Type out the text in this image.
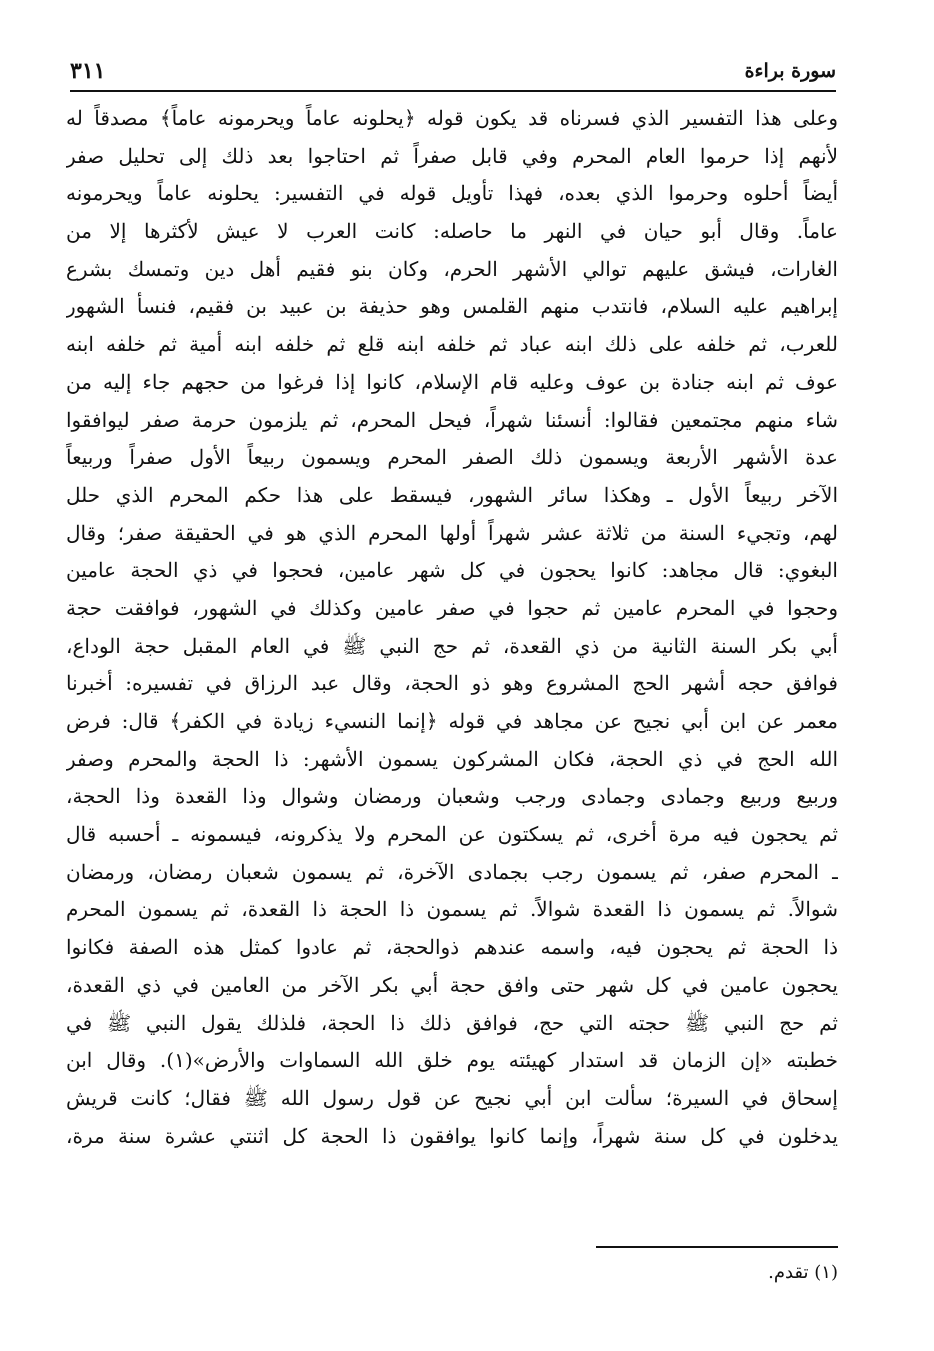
سورة براءة
٣١١
وعلى هذا التفسير الذي فسرناه قد يكون قوله ﴿يحلونه عاماً ويحرمونه عاماً﴾ مصدقاً له
لأنهم إذا حرموا العام المحرم وفي قابل صفراً ثم احتاجوا بعد ذلك إلى تحليل صفر
أيضاً أحلوه وحرموا الذي بعده، فهذا تأويل قوله في التفسير: يحلونه عاماً ويحرمونه
عاماً. وقال أبو حيان في النهر ما حاصله: كانت العرب لا عيش لأكثرها إلا من
الغارات، فيشق عليهم توالي الأشهر الحرم، وكان بنو فقيم أهل دين وتمسك بشرع
إبراهيم عليه السلام، فانتدب منهم القلمس وهو حذيفة بن عبيد بن فقيم، فنسأ الشهور
للعرب، ثم خلفه على ذلك ابنه عباد ثم خلفه ابنه قلع ثم خلفه ابنه أمية ثم خلفه ابنه
عوف ثم ابنه جنادة بن عوف وعليه قام الإسلام، كانوا إذا فرغوا من حجهم جاء إليه من
شاء منهم مجتمعين فقالوا: أنسئنا شهراً، فيحل المحرم، ثم يلزمون حرمة صفر ليوافقوا
عدة الأشهر الأربعة ويسمون ذلك الصفر المحرم ويسمون ربيعاً الأول صفراً وربيعاً
الآخر ربيعاً الأول ـ وهكذا سائر الشهور، فيسقط على هذا حكم المحرم الذي حلل
لهم، وتجيء السنة من ثلاثة عشر شهراً أولها المحرم الذي هو في الحقيقة صفر؛ وقال
البغوي: قال مجاهد: كانوا يحجون في كل شهر عامين، فحجوا في ذي الحجة عامين
وحجوا في المحرم عامين ثم حجوا في صفر عامين وكذلك في الشهور، فوافقت حجة
أبي بكر السنة الثانية من ذي القعدة، ثم حج النبي ﷺ في العام المقبل حجة الوداع،
فوافق حجه أشهر الحج المشروع وهو ذو الحجة، وقال عبد الرزاق في تفسيره: أخبرنا
معمر عن ابن أبي نجيح عن مجاهد في قوله ﴿إنما النسيء زيادة في الكفر﴾ قال: فرض
الله الحج في ذي الحجة، فكان المشركون يسمون الأشهر: ذا الحجة والمحرم وصفر
وربيع وربيع وجمادى وجمادى ورجب وشعبان ورمضان وشوال وذا القعدة وذا الحجة،
ثم يحجون فيه مرة أخرى، ثم يسكتون عن المحرم ولا يذكرونه، فيسمونه ـ أحسبه قال
ـ المحرم صفر، ثم يسمون رجب بجمادى الآخرة، ثم يسمون شعبان رمضان، ورمضان
شوالاً. ثم يسمون ذا القعدة شوالاً. ثم يسمون ذا الحجة ذا القعدة، ثم يسمون المحرم
ذا الحجة ثم يحجون فيه، واسمه عندهم ذوالحجة، ثم عادوا كمثل هذه الصفة فكانوا
يحجون عامين في كل شهر حتى وافق حجة أبي بكر الآخر من العامين في ذي القعدة،
ثم حج النبي ﷺ حجته التي حج، فوافق ذلك ذا الحجة، فلذلك يقول النبي ﷺ في
خطبته «إن الزمان قد استدار كهيئته يوم خلق الله السماوات والأرض»(١). وقال ابن
إسحاق في السيرة؛ سألت ابن أبي نجيح عن قول رسول الله ﷺ فقال؛ كانت قريش
يدخلون في كل سنة شهراً، وإنما كانوا يوافقون ذا الحجة كل اثنتي عشرة سنة مرة،
(١) تقدم.
